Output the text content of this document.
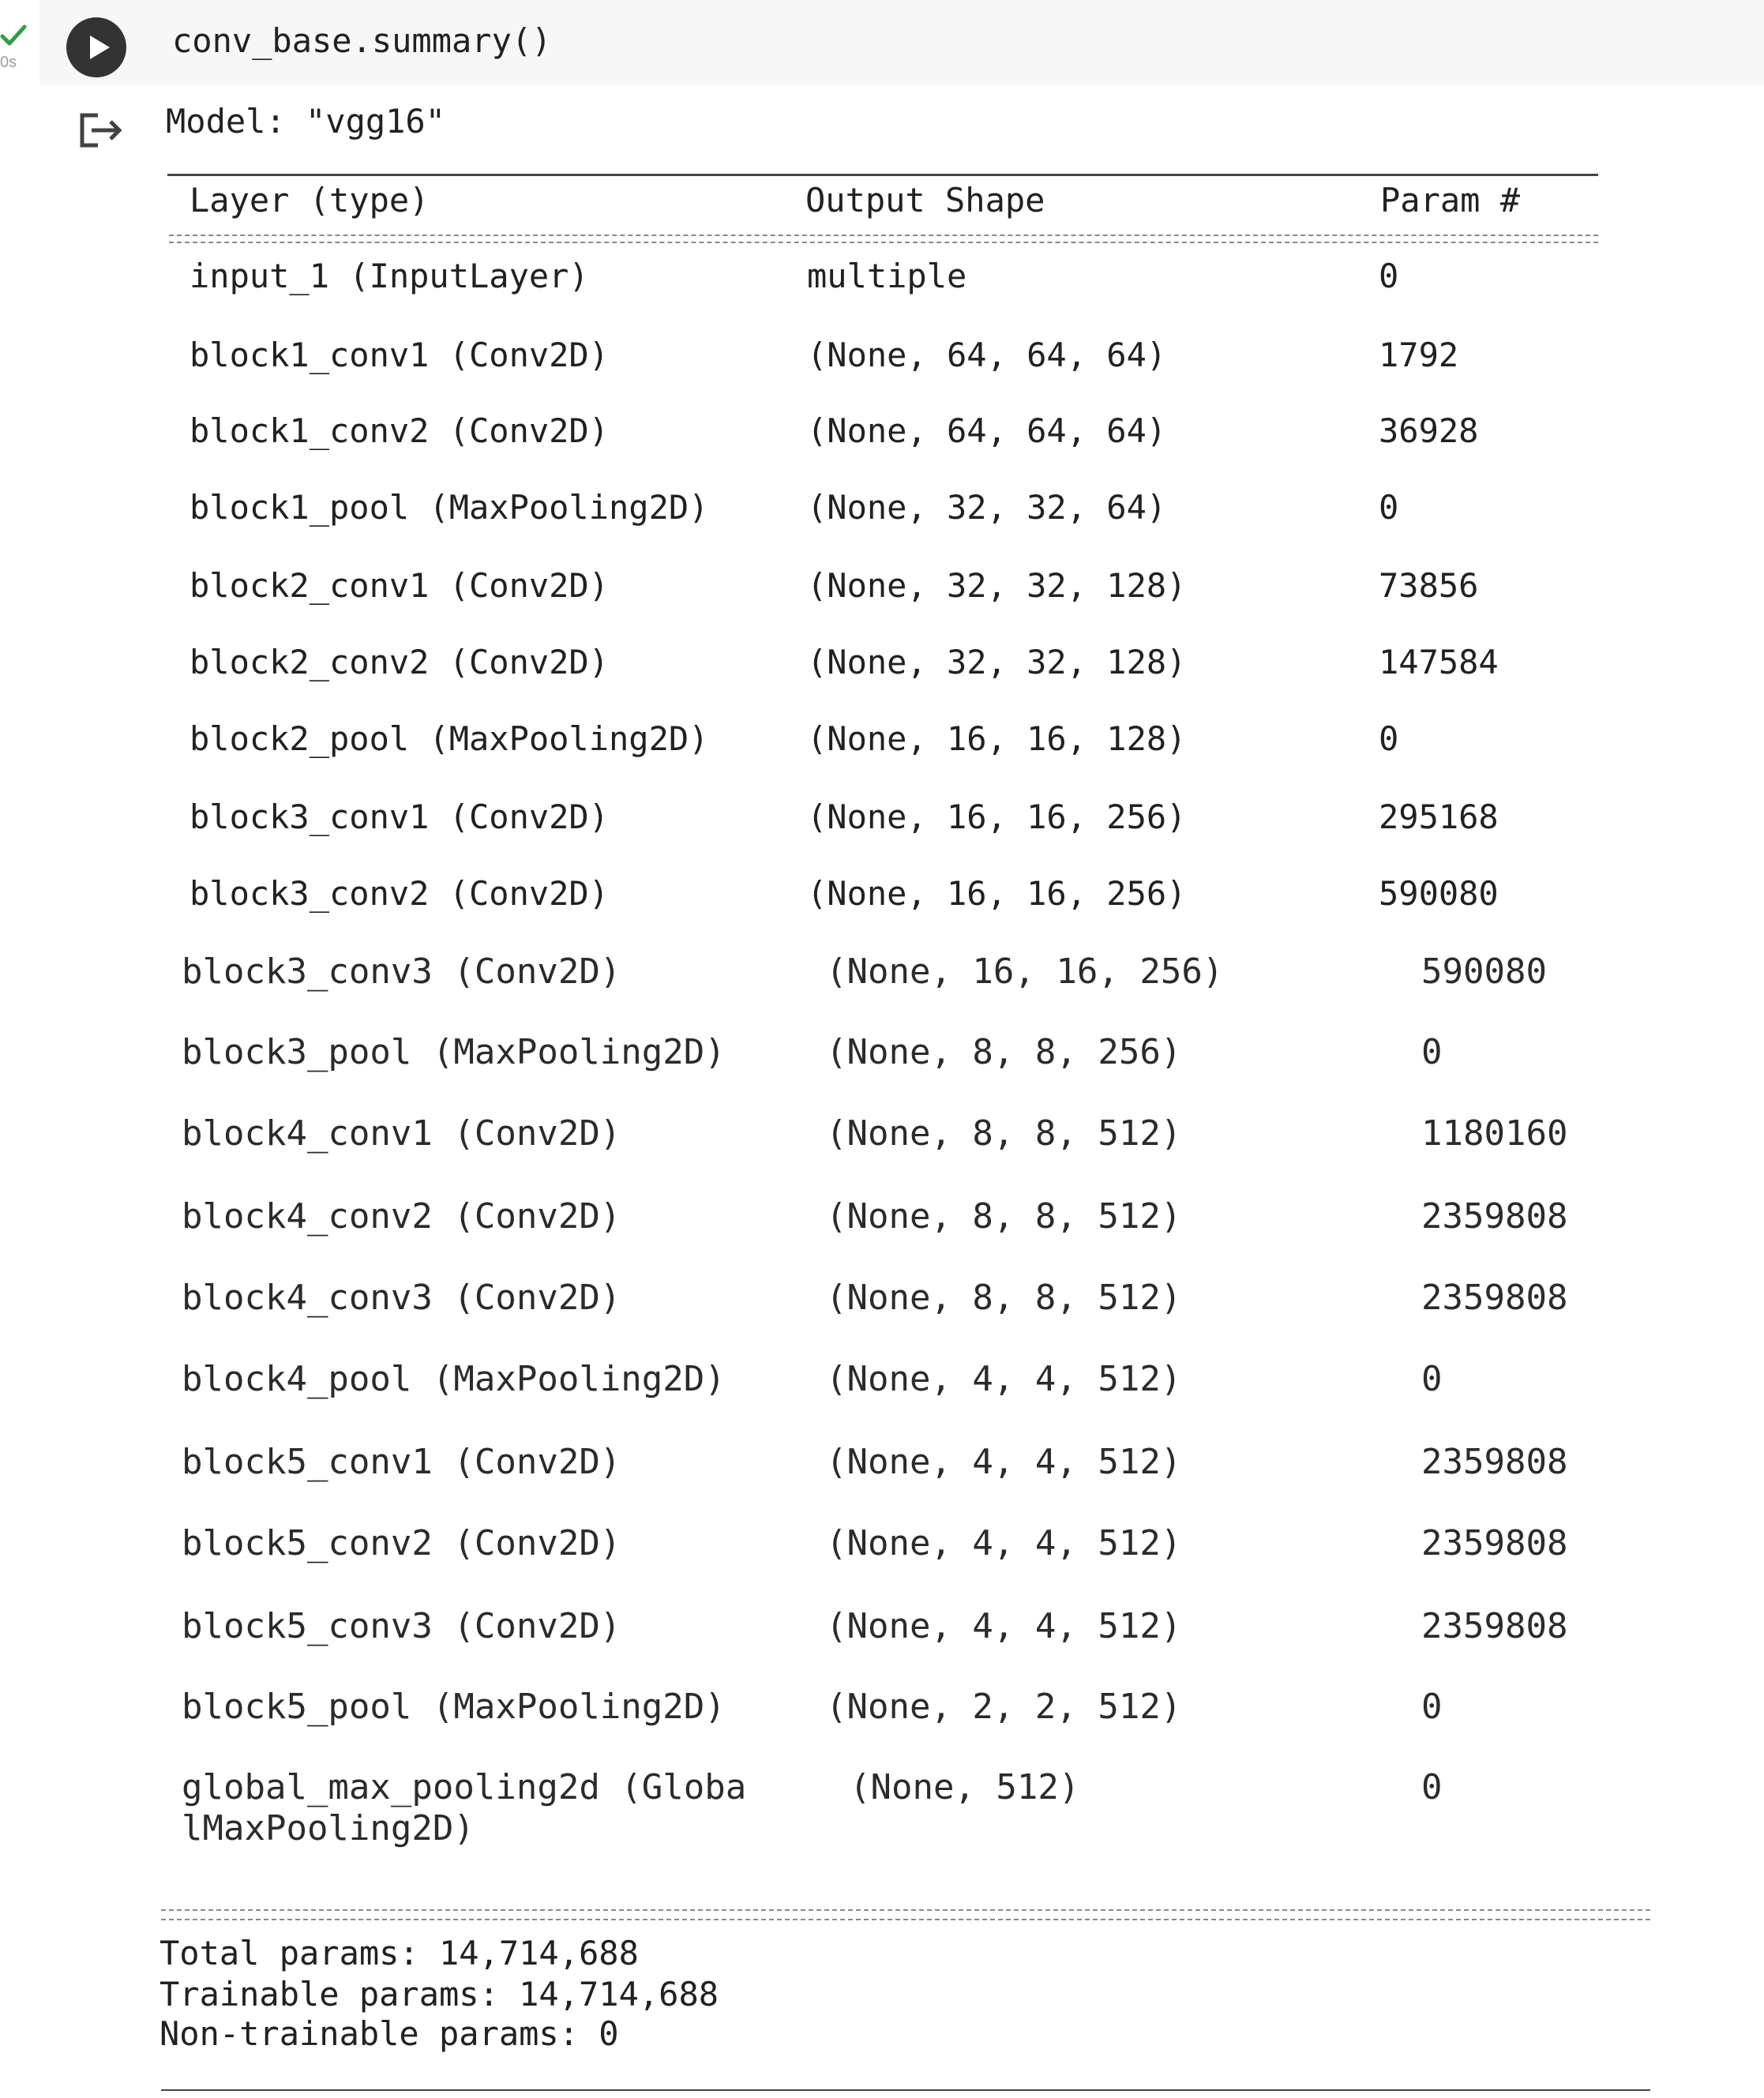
0s
conv_base.summary()
Model: "vgg16"
Layer (type)	Output Shape	Param #
input_1 (InputLayer)	multiple	0
block1_conv1 (Conv2D)	(None, 64, 64, 64)	1792
block1_conv2 (Conv2D)	(None, 64, 64, 64)	36928
block1_pool (MaxPooling2D)	(None, 32, 32, 64)	0
block2_conv1 (Conv2D)	(None, 32, 32, 128)	73856
block2_conv2 (Conv2D)	(None, 32, 32, 128)	147584
block2_pool (MaxPooling2D)	(None, 16, 16, 128)	0
block3_conv1 (Conv2D)	(None, 16, 16, 256)	295168
block3_conv2 (Conv2D)	(None, 16, 16, 256)	590080
block3_conv3 (Conv2D)	(None, 16, 16, 256)	590080
block3_pool (MaxPooling2D)	(None, 8, 8, 256)	0
block4_conv1 (Conv2D)	(None, 8, 8, 512)	1180160
block4_conv2 (Conv2D)	(None, 8, 8, 512)	2359808
block4_conv3 (Conv2D)	(None, 8, 8, 512)	2359808
block4_pool (MaxPooling2D)	(None, 4, 4, 512)	0
block5_conv1 (Conv2D)	(None, 4, 4, 512)	2359808
block5_conv2 (Conv2D)	(None, 4, 4, 512)	2359808
block5_conv3 (Conv2D)	(None, 4, 4, 512)	2359808
block5_pool (MaxPooling2D)	(None, 2, 2, 512)	0
global_max_pooling2d (Globa	(None, 512)	0
lMaxPooling2D)
Total params: 14,714,688
Trainable params: 14,714,688
Non-trainable params: 0
